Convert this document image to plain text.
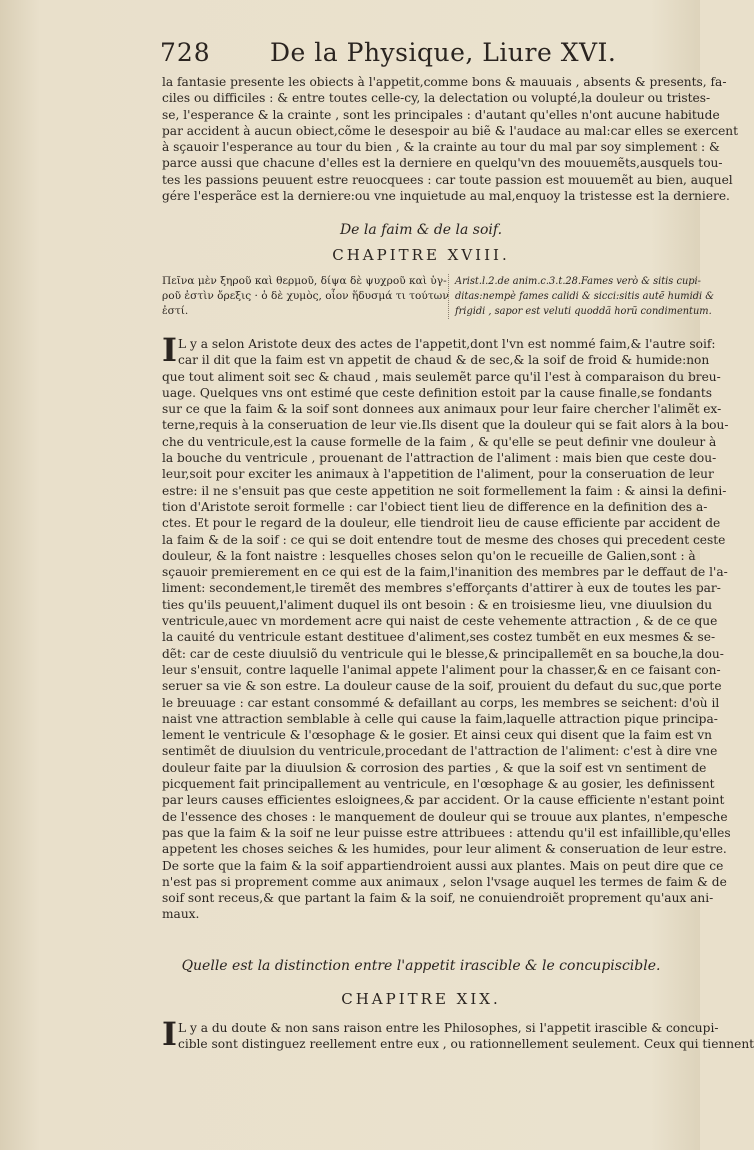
728 De la Physique, Liure XVI.
la fantasie presente les obiects à l'appetit,comme bons & mauuais , absents & presents, fa-
ciles ou difficiles : & entre toutes celle-cy, la delectation ou volupté,la douleur ou tristes-
se, l'esperance & la crainte , sont les principales : d'autant qu'elles n'ont aucune habitude
par accident à aucun obiect,cõme le desespoir au biẽ & l'audace au mal:car elles se exercent
à sçauoir l'esperance au tour du bien , & la crainte au tour du mal par soy simplement : &
parce aussi que chacune d'elles est la derniere en quelqu'vn des mouuemẽts,ausquels tou-
tes les passions peuuent estre reuocquees : car toute passion est mouuemẽt au bien, auquel
gére l'esperãce est la derniere:ou vne inquietude au mal,enquoy la tristesse est la derniere.
De la faim & de la soif.
CHAPITRE XVIII.
Πεῖνα μὲν ξηροῦ καὶ θερμοῦ, δίψα δὲ ψυχροῦ καὶ ὑγ-
ροῦ ἐστὶν ὄρεξις · ὁ δὲ χυμὸς, οἷον ἥδυσμά τι τούτων
ἐστί.
Arist.l.2.de anim.c.3.t.28.Fames verò & sitis cupi-
ditas:nempè fames calidi & sicci:sitis autẽ humidi &
frigidi , sapor est veluti quoddã horũ condimentum.
I L y a selon Aristote deux des actes de l'appetit,dont l'vn est nommé faim,& l'autre soif:
car il dit que la faim est vn appetit de chaud & de sec,& la soif de froid & humide:non
que tout aliment soit sec & chaud , mais seulemẽt parce qu'il l'est à comparaison du breu-
uage. Quelques vns ont estimé que ceste definition estoit par la cause finalle,se fondants
sur ce que la faim & la soif sont donnees aux animaux pour leur faire chercher l'alimẽt ex-
terne,requis à la conseruation de leur vie.Ils disent que la douleur qui se fait alors à la bou-
che du ventricule,est la cause formelle de la faim , & qu'elle se peut definir vne douleur à
la bouche du ventricule , prouenant de l'attraction de l'aliment : mais bien que ceste dou-
leur,soit pour exciter les animaux à l'appetition de l'aliment, pour la conseruation de leur
estre: il ne s'ensuit pas que ceste appetition ne soit formellement la faim : & ainsi la defini-
tion d'Aristote seroit formelle : car l'obiect tient lieu de difference en la definition des a-
ctes. Et pour le regard de la douleur, elle tiendroit lieu de cause efficiente par accident de
la faim & de la soif : ce qui se doit entendre tout de mesme des choses qui precedent ceste
douleur, & la font naistre : lesquelles choses selon qu'on le recueille de Galien,sont : à
sçauoir premierement en ce qui est de la faim,l'inanition des membres par le deffaut de l'a-
liment: secondement,le tiremẽt des membres s'efforçants d'attirer à eux de toutes les par-
ties qu'ils peuuent,l'aliment duquel ils ont besoin : & en troisiesme lieu, vne diuulsion du
ventricule,auec vn mordement acre qui naist de ceste vehemente attraction , & de ce que
la cauité du ventricule estant destituee d'aliment,ses costez tumbẽt en eux mesmes & se-
dẽt: car de ceste diuulsiõ du ventricule qui le blesse,& principallemẽt en sa bouche,la dou-
leur s'ensuit, contre laquelle l'animal appete l'aliment pour la chasser,& en ce faisant con-
seruer sa vie & son estre. La douleur cause de la soif, prouient du defaut du suc,que porte
le breuuage : car estant consommé & defaillant au corps, les membres se seichent: d'où il
naist vne attraction semblable à celle qui cause la faim,laquelle attraction pique principa-
lement le ventricule & l'œsophage & le gosier. Et ainsi ceux qui disent que la faim est vn
sentimẽt de diuulsion du ventricule,procedant de l'attraction de l'aliment: c'est à dire vne
douleur faite par la diuulsion & corrosion des parties , & que la soif est vn sentiment de
picquement fait principallement au ventricule, en l'œsophage & au gosier, les definissent
par leurs causes efficientes esloignees,& par accident. Or la cause efficiente n'estant point
de l'essence des choses : le manquement de douleur qui se trouue aux plantes, n'empesche
pas que la faim & la soif ne leur puisse estre attribuees : attendu qu'il est infaillible,qu'elles
appetent les choses seiches & les humides, pour leur aliment & conseruation de leur estre.
De sorte que la faim & la soif appartiendroient aussi aux plantes. Mais on peut dire que ce
n'est pas si proprement comme aux animaux , selon l'vsage auquel les termes de faim & de
soif sont receus,& que partant la faim & la soif, ne conuiendroiẽt proprement qu'aux ani-
maux.
Quelle est la distinction entre l'appetit irascible & le concupiscible.
CHAPITRE XIX.
I L y a du doute & non sans raison entre les Philosophes, si l'appetit irascible & concupi-
cible sont distinguez reellement entre eux , ou rationnellement seulement. Ceux qui tiennent
